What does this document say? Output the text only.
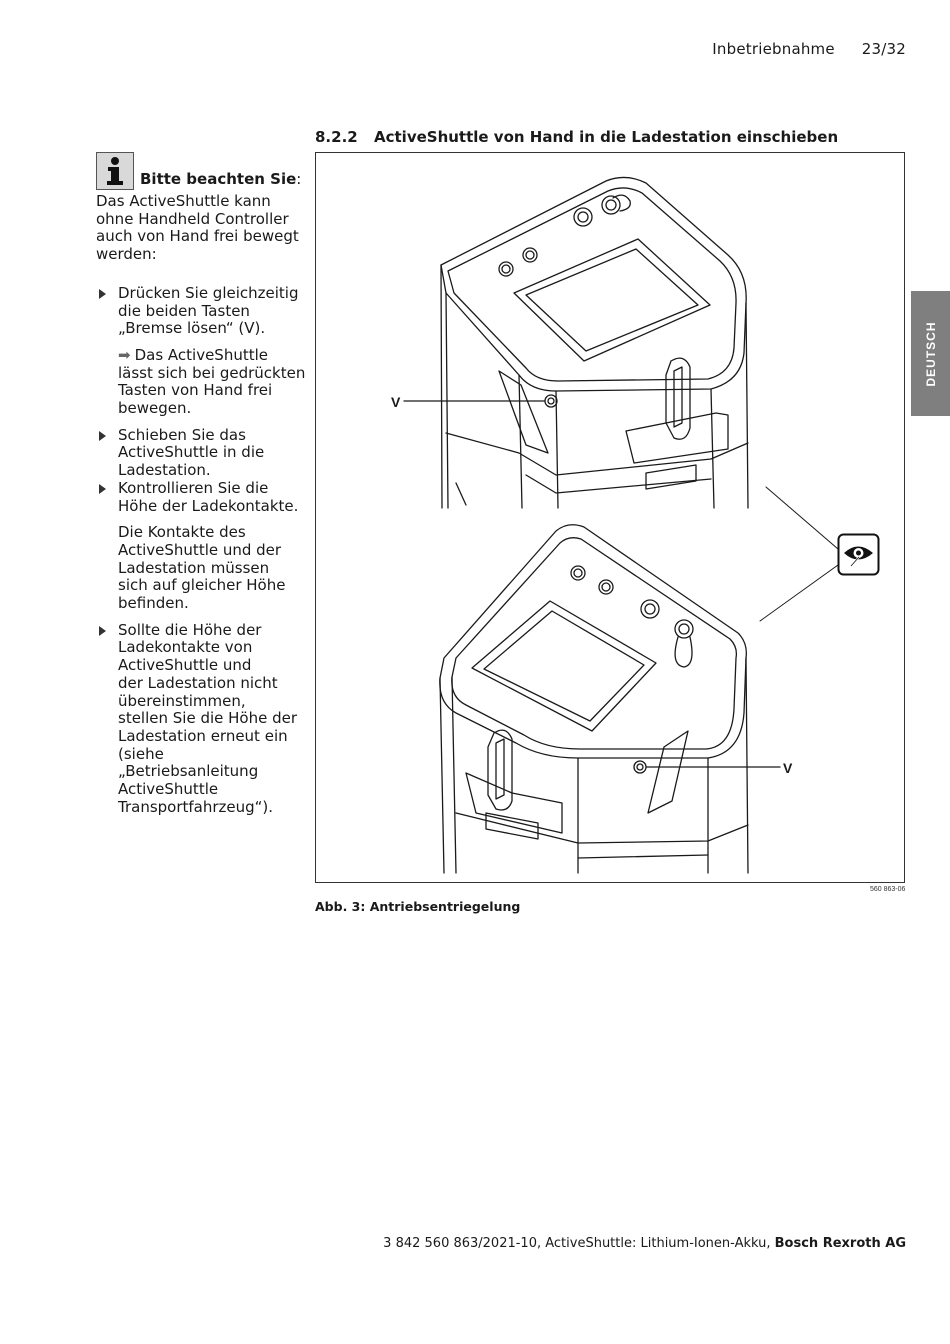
Inbetriebnahme 23/32
DEUTSCH
8.2.2 ActiveShuttle von Hand in die Ladestation einschieben
Bitte beachten Sie:

Das ActiveShuttle kann
ohne Handheld Controller
auch von Hand frei bewegt
werden:

Drücken Sie gleichzeitig
die beiden Tasten
„Bremse lösen“ (V).

➡ Das ActiveShuttle
lässt sich bei gedrückten
Tasten von Hand frei
bewegen.

Schieben Sie das
ActiveShuttle in die
Ladestation.

Kontrollieren Sie die
Höhe der Ladekontakte.

Die Kontakte des
ActiveShuttle und der
Ladestation müssen
sich auf gleicher Höhe
befinden.

Sollte die Höhe der
Ladekontakte von
ActiveShuttle und
der Ladestation nicht
übereinstimmen,
stellen Sie die Höhe der
Ladestation erneut ein
(siehe „Betriebsanleitung
ActiveShuttle
Transportfahrzeug“).

V
V
560 863-06
Abb. 3: Antriebsentriegelung
3 842 560 863/2021-10, ActiveShuttle: Lithium-Ionen-Akku, Bosch Rexroth AG
